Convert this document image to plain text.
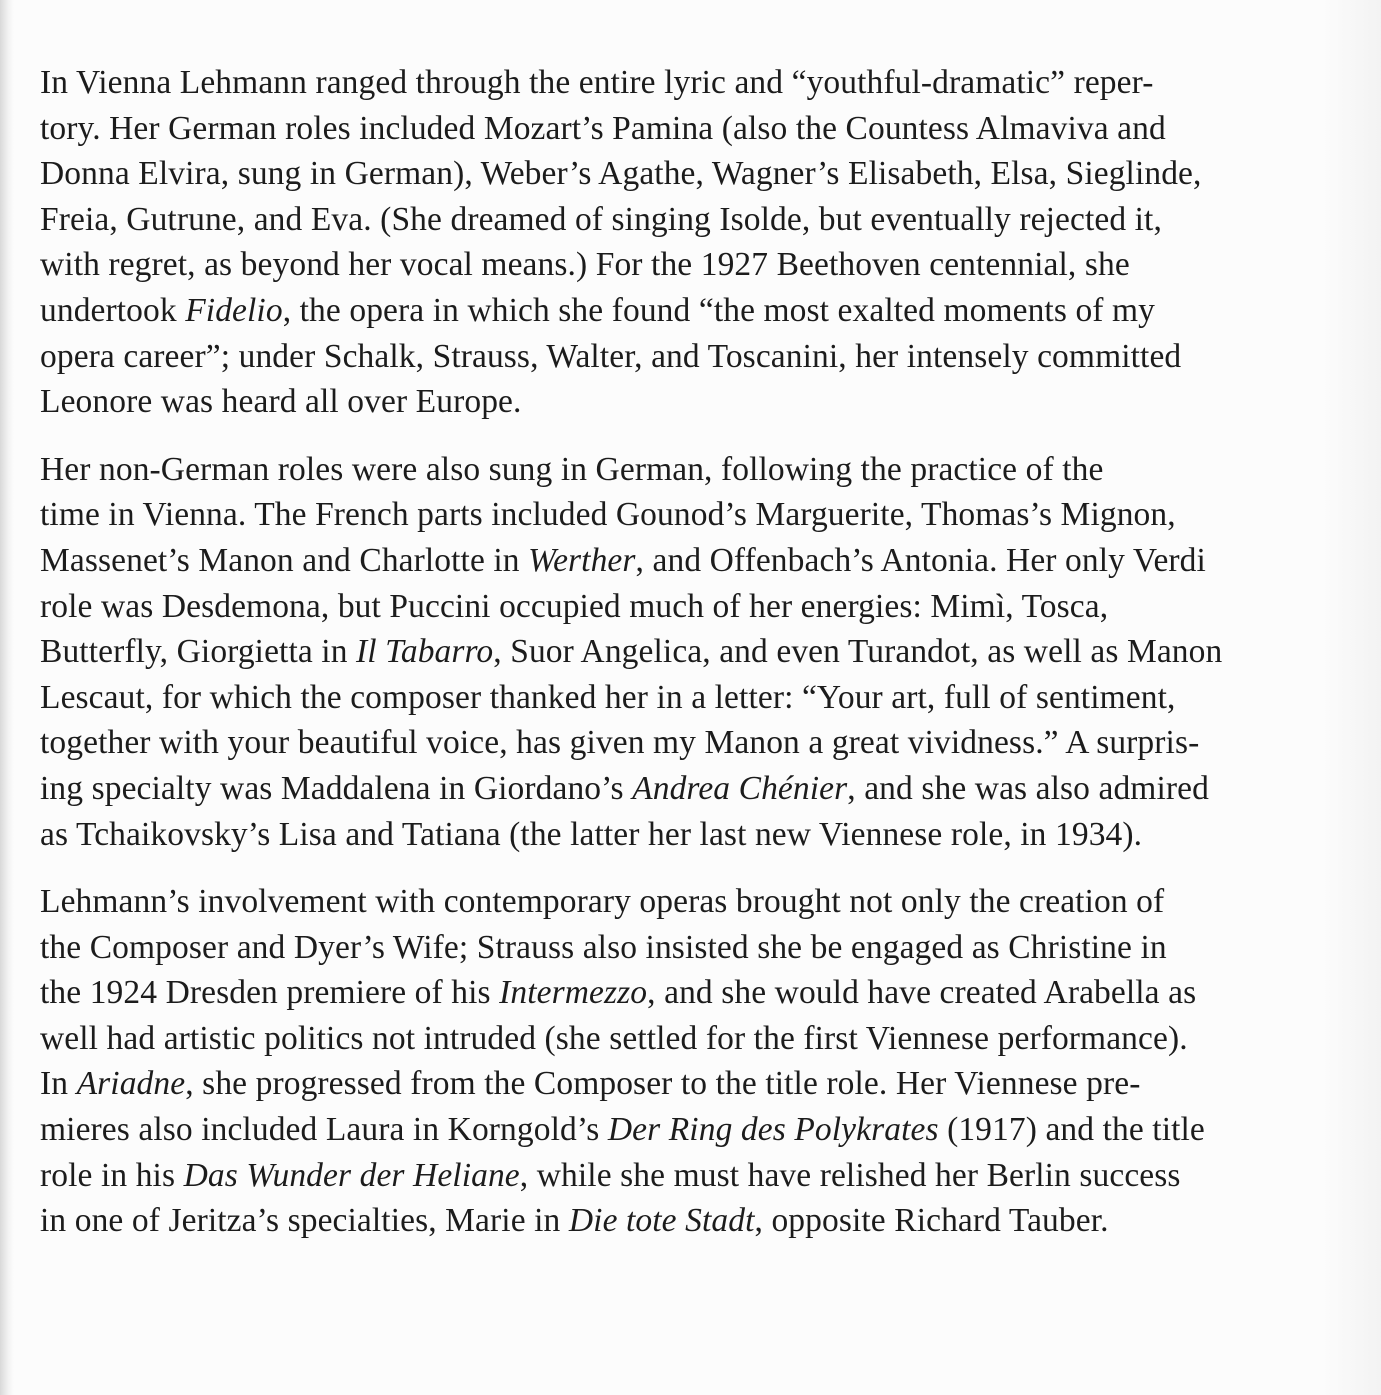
In Vienna Lehmann ranged through the entire lyric and “youthful-dramatic” reper-
tory. Her German roles included Mozart’s Pamina (also the Countess Almaviva and
Donna Elvira, sung in German), Weber’s Agathe, Wagner’s Elisabeth, Elsa, Sieglinde,
Freia, Gutrune, and Eva. (She dreamed of singing Isolde, but eventually rejected it,
with regret, as beyond her vocal means.) For the 1927 Beethoven centennial, she
undertook Fidelio, the opera in which she found “the most exalted moments of my
opera career”; under Schalk, Strauss, Walter, and Toscanini, her intensely committed
Leonore was heard all over Europe.

Her non-German roles were also sung in German, following the practice of the
time in Vienna. The French parts included Gounod’s Marguerite, Thomas’s Mignon,
Massenet’s Manon and Charlotte in Werther, and Offenbach’s Antonia. Her only Verdi
role was Desdemona, but Puccini occupied much of her energies: Mimì, Tosca,
Butterfly, Giorgietta in Il Tabarro, Suor Angelica, and even Turandot, as well as Manon
Lescaut, for which the composer thanked her in a letter: “Your art, full of sentiment,
together with your beautiful voice, has given my Manon a great vividness.” A surpris-
ing specialty was Maddalena in Giordano’s Andrea Chénier, and she was also admired
as Tchaikovsky’s Lisa and Tatiana (the latter her last new Viennese role, in 1934).

Lehmann’s involvement with contemporary operas brought not only the creation of
the Composer and Dyer’s Wife; Strauss also insisted she be engaged as Christine in
the 1924 Dresden premiere of his Intermezzo, and she would have created Arabella as
well had artistic politics not intruded (she settled for the first Viennese performance).
In Ariadne, she progressed from the Composer to the title role. Her Viennese pre-
mieres also included Laura in Korngold’s Der Ring des Polykrates (1917) and the title
role in his Das Wunder der Heliane, while she must have relished her Berlin success
in one of Jeritza’s specialties, Marie in Die tote Stadt, opposite Richard Tauber.
